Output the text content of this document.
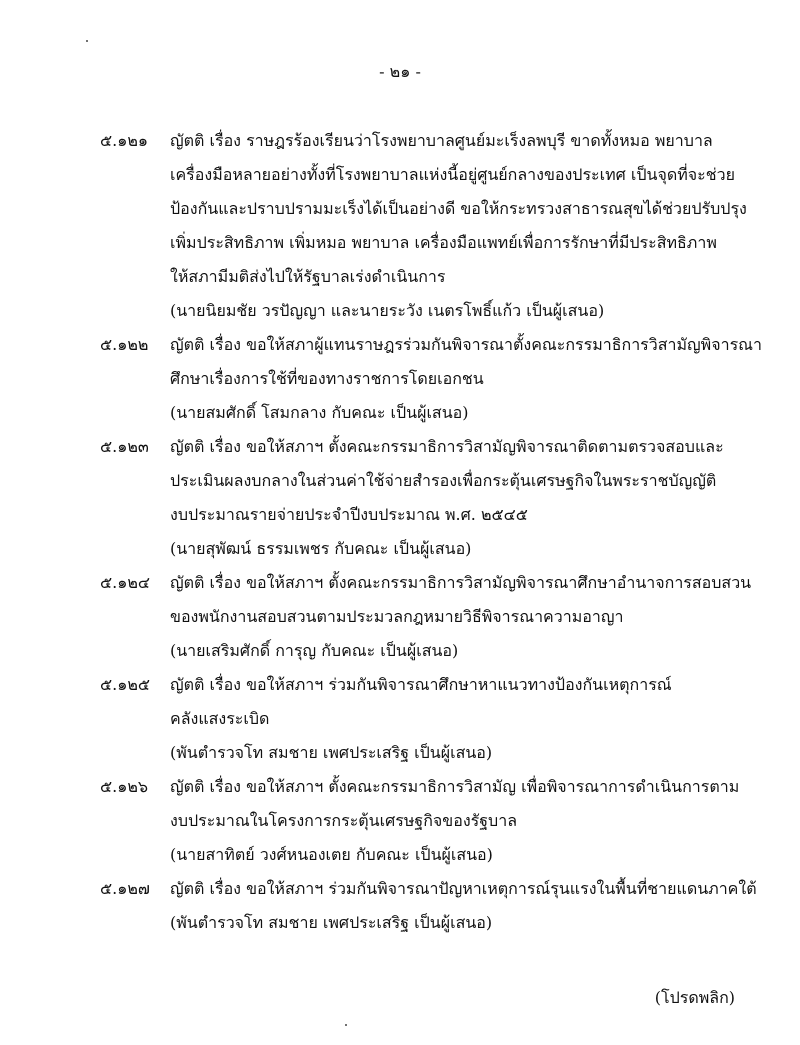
- ๒๑ -
๕.๑๒๑	ญัตติ เรื่อง ราษฎรร้องเรียนว่าโรงพยาบาลศูนย์มะเร็งลพบุรี ขาดทั้งหมอ พยาบาล
เครื่องมือหลายอย่างทั้งที่โรงพยาบาลแห่งนี้อยู่ศูนย์กลางของประเทศ เป็นจุดที่จะช่วย
ป้องกันและปราบปรามมะเร็งได้เป็นอย่างดี ขอให้กระทรวงสาธารณสุขได้ช่วยปรับปรุง
เพิ่มประสิทธิภาพ เพิ่มหมอ พยาบาล เครื่องมือแพทย์เพื่อการรักษาที่มีประสิทธิภาพ
ให้สภามีมติส่งไปให้รัฐบาลเร่งดำเนินการ
(นายนิยมชัย วรปัญญา และนายระวัง เนตรโพธิ์แก้ว เป็นผู้เสนอ)
๕.๑๒๒	ญัตติ เรื่อง ขอให้สภาผู้แทนราษฎรร่วมกันพิจารณาตั้งคณะกรรมาธิการวิสามัญพิจารณา
ศึกษาเรื่องการใช้ที่ของทางราชการโดยเอกชน
(นายสมศักดิ์ โสมกลาง กับคณะ เป็นผู้เสนอ)
๕.๑๒๓	ญัตติ เรื่อง ขอให้สภาฯ ตั้งคณะกรรมาธิการวิสามัญพิจารณาติดตามตรวจสอบและ
ประเมินผลงบกลางในส่วนค่าใช้จ่ายสำรองเพื่อกระตุ้นเศรษฐกิจในพระราชบัญญัติ
งบประมาณรายจ่ายประจำปีงบประมาณ พ.ศ. ๒๕๔๕
(นายสุพัฒน์ ธรรมเพชร กับคณะ เป็นผู้เสนอ)
๕.๑๒๔	ญัตติ เรื่อง ขอให้สภาฯ ตั้งคณะกรรมาธิการวิสามัญพิจารณาศึกษาอำนาจการสอบสวน
ของพนักงานสอบสวนตามประมวลกฎหมายวิธีพิจารณาความอาญา
(นายเสริมศักดิ์ การุญ กับคณะ เป็นผู้เสนอ)
๕.๑๒๕	ญัตติ เรื่อง ขอให้สภาฯ ร่วมกันพิจารณาศึกษาหาแนวทางป้องกันเหตุการณ์
คลังแสงระเบิด
(พันตำรวจโท สมชาย เพศประเสริฐ เป็นผู้เสนอ)
๕.๑๒๖	ญัตติ เรื่อง ขอให้สภาฯ ตั้งคณะกรรมาธิการวิสามัญ เพื่อพิจารณาการดำเนินการตาม
งบประมาณในโครงการกระตุ้นเศรษฐกิจของรัฐบาล
(นายสาทิตย์ วงศ์หนองเตย กับคณะ เป็นผู้เสนอ)
๕.๑๒๗	ญัตติ เรื่อง ขอให้สภาฯ ร่วมกันพิจารณาปัญหาเหตุการณ์รุนแรงในพื้นที่ชายแดนภาคใต้
(พันตำรวจโท สมชาย เพศประเสริฐ เป็นผู้เสนอ)
(โปรดพลิก)
